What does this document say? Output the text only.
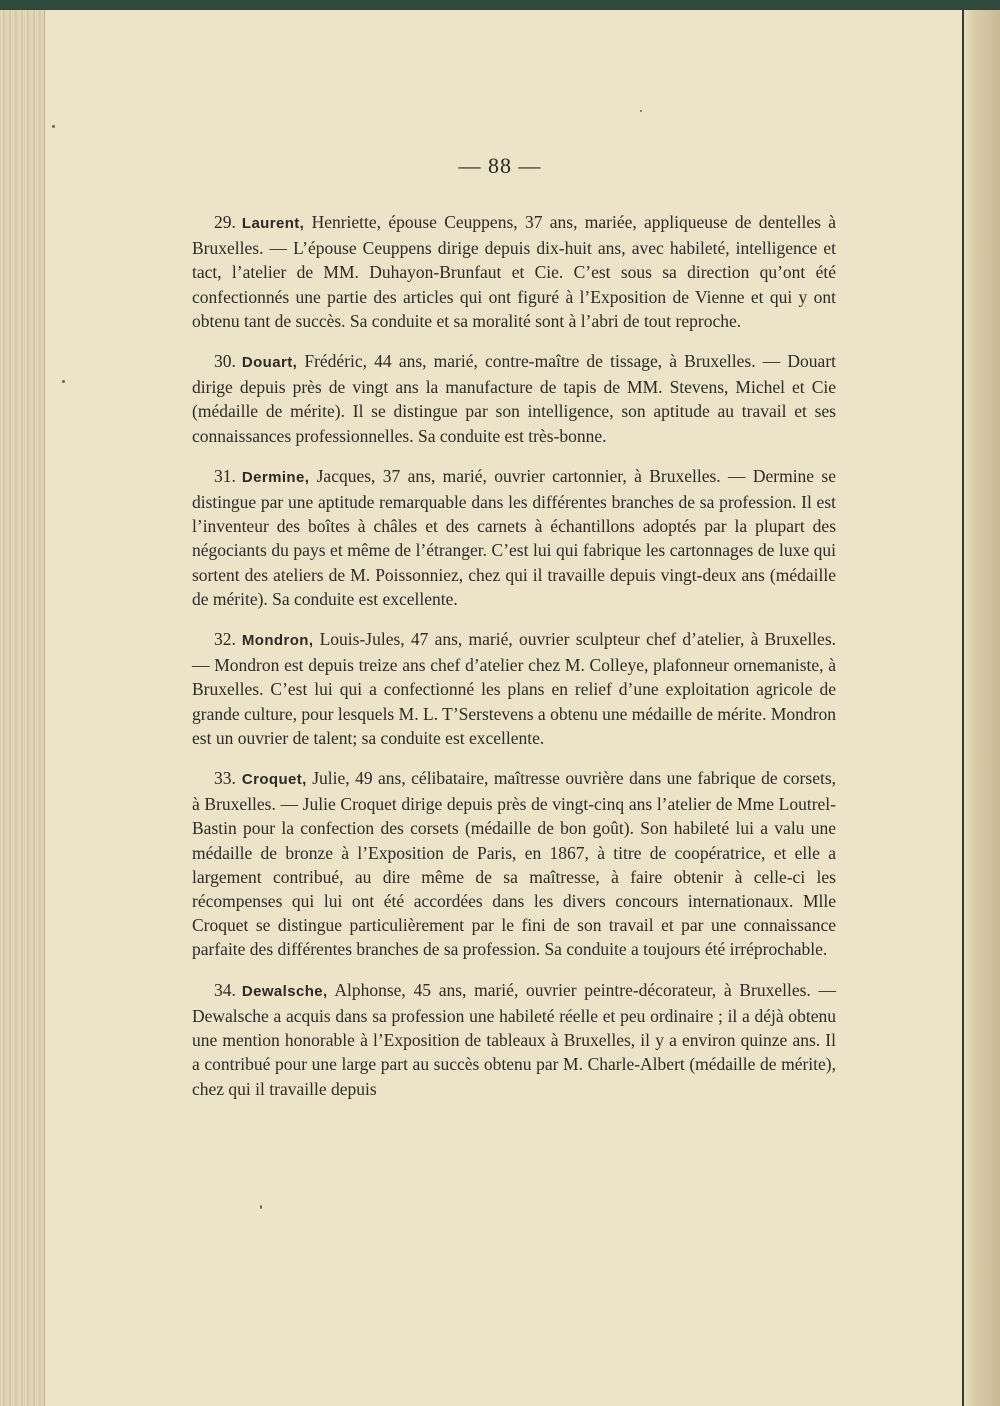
— 88 —

29. Laurent, Henriette, épouse Ceuppens, 37 ans, mariée, appliqueuse de dentelles à Bruxelles. — L’épouse Ceuppens dirige depuis dix-huit ans, avec habileté, intelligence et tact, l’atelier de MM. Duhayon-Brunfaut et Cie. C’est sous sa direction qu’ont été confectionnés une partie des articles qui ont figuré à l’Exposition de Vienne et qui y ont obtenu tant de succès. Sa conduite et sa moralité sont à l’abri de tout reproche.

30. Douart, Frédéric, 44 ans, marié, contre-maître de tissage, à Bruxelles. — Douart dirige depuis près de vingt ans la manufacture de tapis de MM. Stevens, Michel et Cie (médaille de mérite). Il se distingue par son intelligence, son aptitude au travail et ses connaissances professionnelles. Sa conduite est très-bonne.

31. Dermine, Jacques, 37 ans, marié, ouvrier cartonnier, à Bruxelles. — Dermine se distingue par une aptitude remarquable dans les différentes branches de sa profession. Il est l’inventeur des boîtes à châles et des carnets à échantillons adoptés par la plupart des négociants du pays et même de l’étranger. C’est lui qui fabrique les cartonnages de luxe qui sortent des ateliers de M. Poissonniez, chez qui il travaille depuis vingt-deux ans (médaille de mérite). Sa conduite est excellente.

32. Mondron, Louis-Jules, 47 ans, marié, ouvrier sculpteur chef d’atelier, à Bruxelles. — Mondron est depuis treize ans chef d’atelier chez M. Colleye, plafonneur ornemaniste, à Bruxelles. C’est lui qui a confectionné les plans en relief d’une exploitation agricole de grande culture, pour lesquels M. L. T’Serstevens a obtenu une médaille de mérite. Mondron est un ouvrier de talent; sa conduite est excellente.

33. Croquet, Julie, 49 ans, célibataire, maîtresse ouvrière dans une fabrique de corsets, à Bruxelles. — Julie Croquet dirige depuis près de vingt-cinq ans l’atelier de Mme Loutrel-Bastin pour la confection des corsets (médaille de bon goût). Son habileté lui a valu une médaille de bronze à l’Exposition de Paris, en 1867, à titre de coopératrice, et elle a largement contribué, au dire même de sa maîtresse, à faire obtenir à celle-ci les récompenses qui lui ont été accordées dans les divers concours internationaux. Mlle Croquet se distingue particulièrement par le fini de son travail et par une connaissance parfaite des différentes branches de sa profession. Sa conduite a toujours été irréprochable.

34. Dewalsche, Alphonse, 45 ans, marié, ouvrier peintre-décorateur, à Bruxelles. — Dewalsche a acquis dans sa profession une habileté réelle et peu ordinaire ; il a déjà obtenu une mention honorable à l’Exposition de tableaux à Bruxelles, il y a environ quinze ans. Il a contribué pour une large part au succès obtenu par M. Charle-Albert (médaille de mérite), chez qui il travaille depuis
